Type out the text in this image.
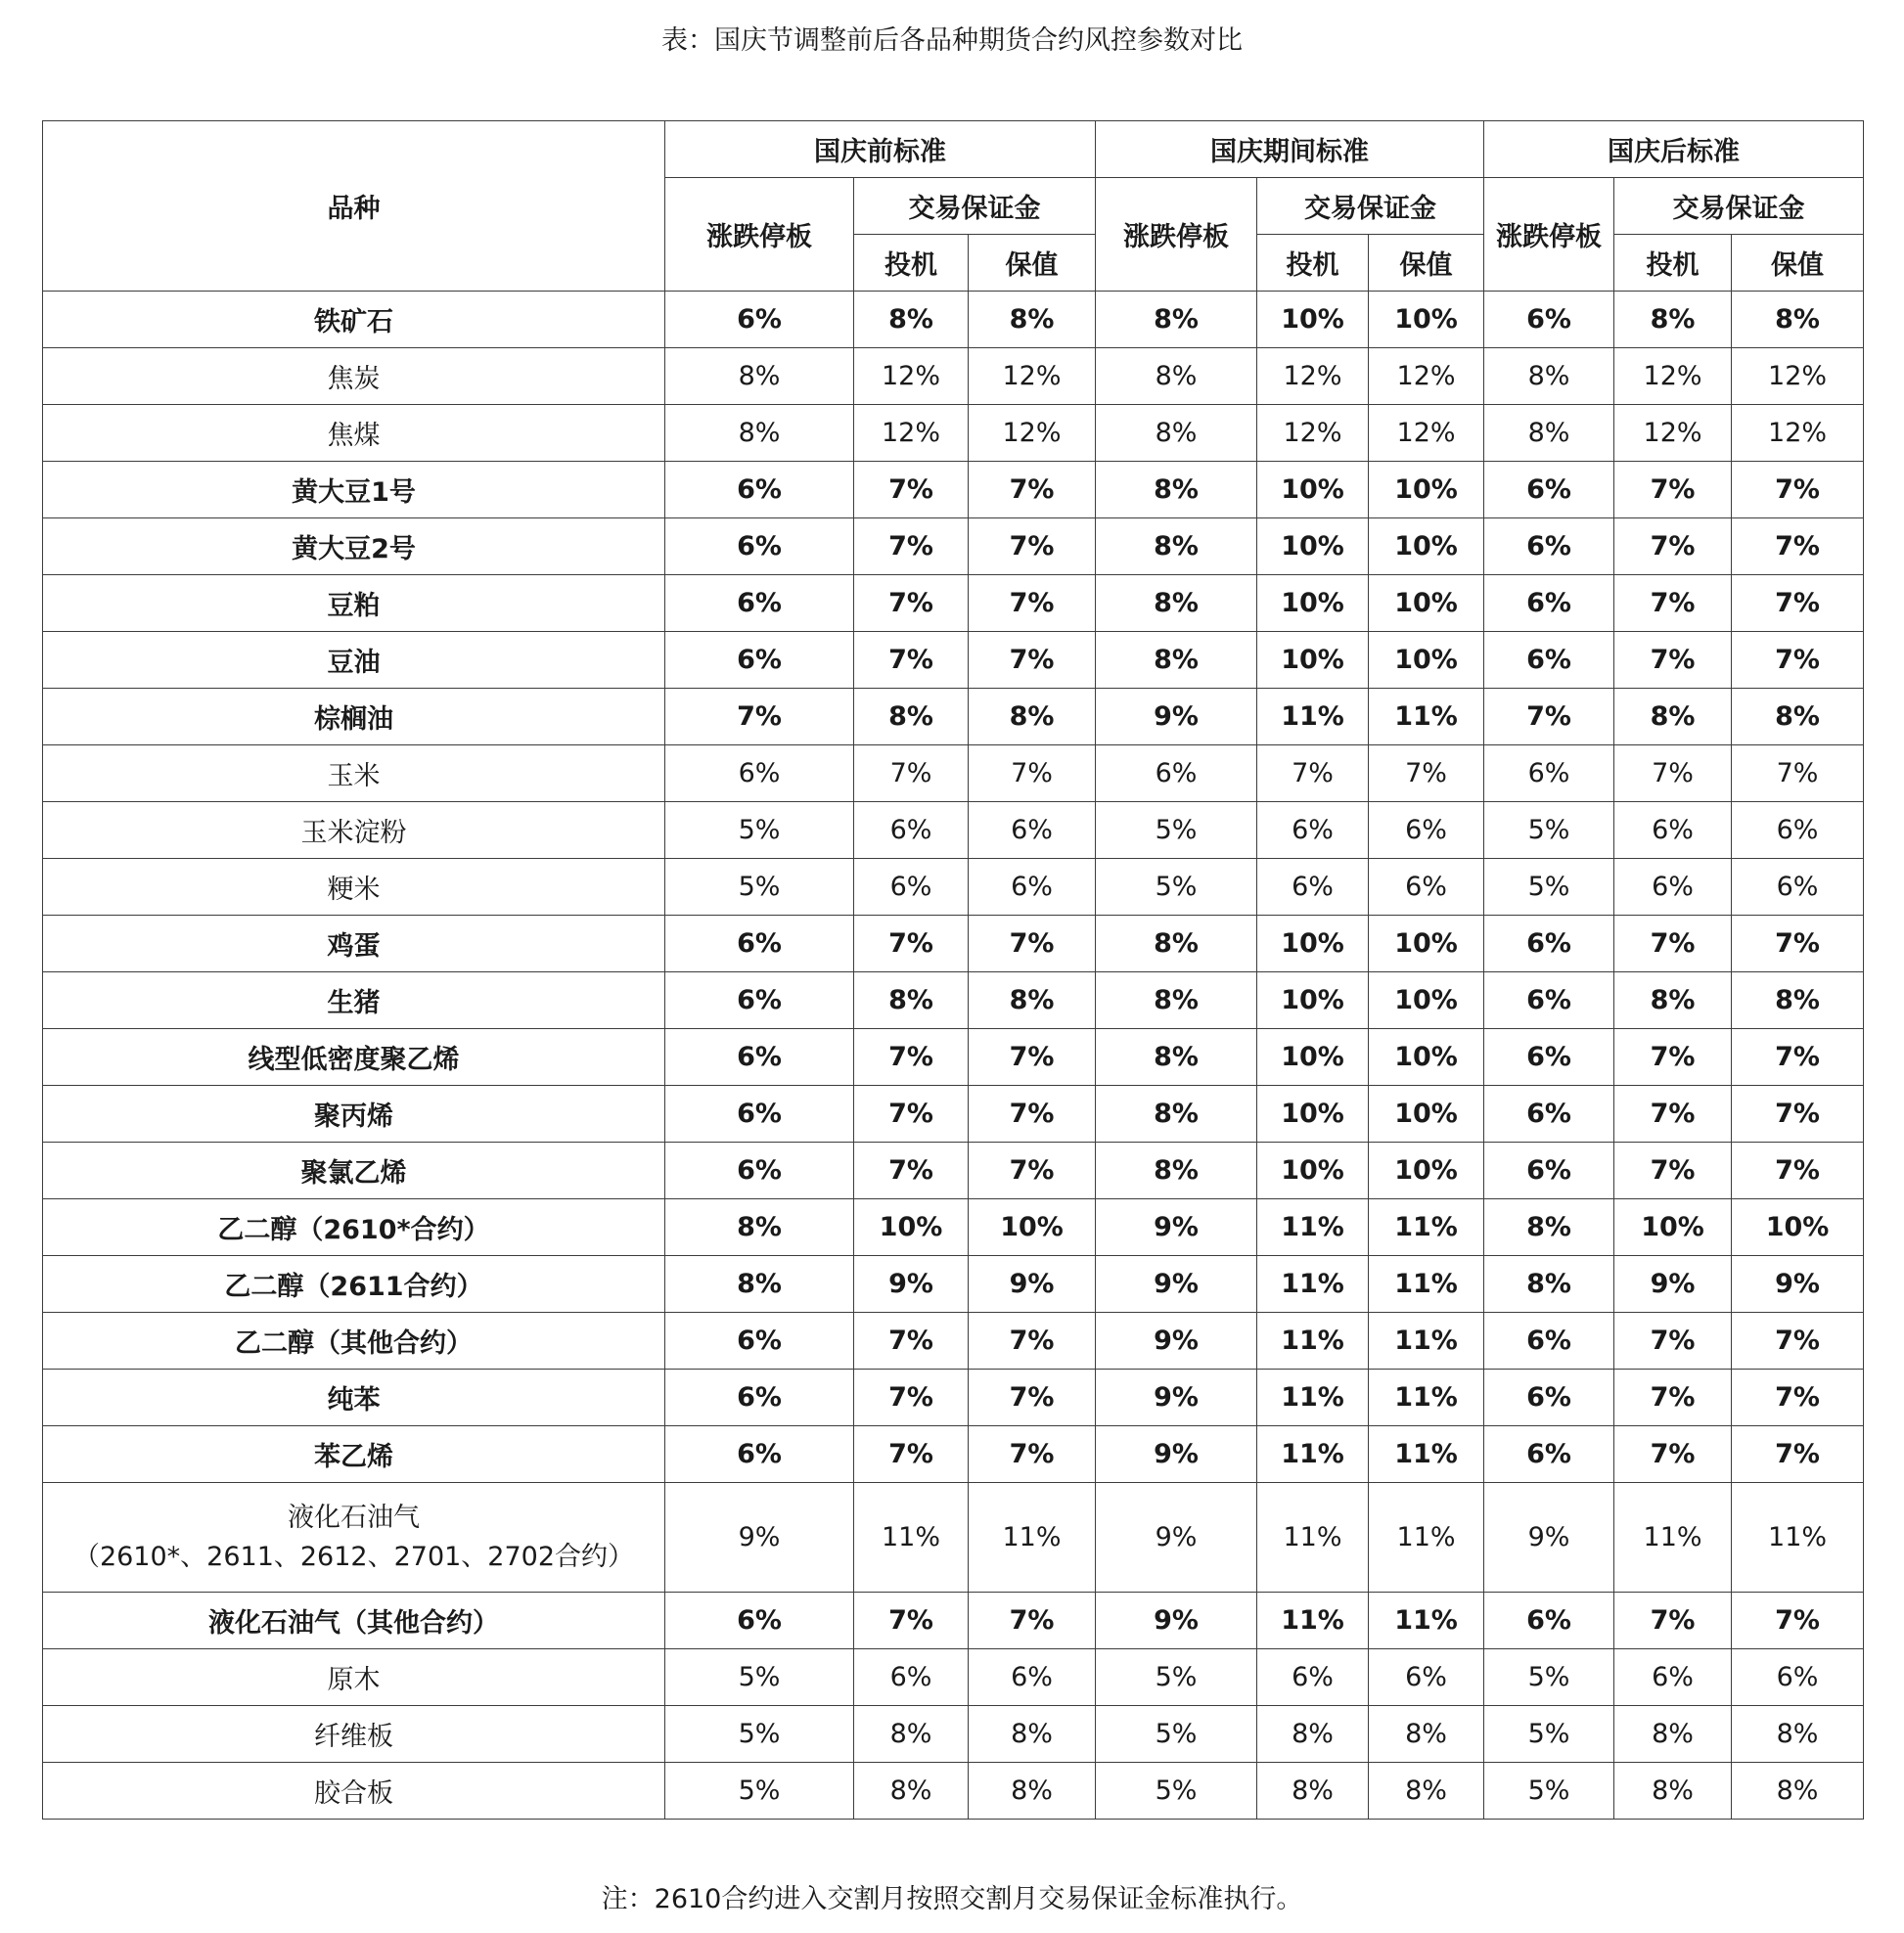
表：国庆节调整前后各品种期货合约风控参数对比
品种	国庆前标准			国庆期间标准			国庆后标准		
	涨跌停板	交易保证金		涨跌停板	交易保证金		涨跌停板	交易保证金	
		投机	保值		投机	保值		投机	保值

铁矿石	6%	8%	8%	8%	10%	10%	6%	8%	8%

焦炭	8%	12%	12%	8%	12%	12%	8%	12%	12%

焦煤	8%	12%	12%	8%	12%	12%	8%	12%	12%

黄大豆1号	6%	7%	7%	8%	10%	10%	6%	7%	7%

黄大豆2号	6%	7%	7%	8%	10%	10%	6%	7%	7%

豆粕	6%	7%	7%	8%	10%	10%	6%	7%	7%

豆油	6%	7%	7%	8%	10%	10%	6%	7%	7%

棕榈油	7%	8%	8%	9%	11%	11%	7%	8%	8%

玉米	6%	7%	7%	6%	7%	7%	6%	7%	7%

玉米淀粉	5%	6%	6%	5%	6%	6%	5%	6%	6%

粳米	5%	6%	6%	5%	6%	6%	5%	6%	6%

鸡蛋	6%	7%	7%	8%	10%	10%	6%	7%	7%

生猪	6%	8%	8%	8%	10%	10%	6%	8%	8%

线型低密度聚乙烯	6%	7%	7%	8%	10%	10%	6%	7%	7%

聚丙烯	6%	7%	7%	8%	10%	10%	6%	7%	7%

聚氯乙烯	6%	7%	7%	8%	10%	10%	6%	7%	7%

乙二醇（2610*合约）	8%	10%	10%	9%	11%	11%	8%	10%	10%

乙二醇（2611合约）	8%	9%	9%	9%	11%	11%	8%	9%	9%

乙二醇（其他合约）	6%	7%	7%	9%	11%	11%	6%	7%	7%

纯苯	6%	7%	7%	9%	11%	11%	6%	7%	7%

苯乙烯	6%	7%	7%	9%	11%	11%	6%	7%	7%

液化石油气
（2610*、2611、2612、2701、2702合约）	9%	11%	11%	9%	11%	11%	9%	11%	11%

液化石油气（其他合约）	6%	7%	7%	9%	11%	11%	6%	7%	7%

原木	5%	6%	6%	5%	6%	6%	5%	6%	6%

纤维板	5%	8%	8%	5%	8%	8%	5%	8%	8%

胶合板	5%	8%	8%	5%	8%	8%	5%	8%	8%
注：2610合约进入交割月按照交割月交易保证金标准执行。
